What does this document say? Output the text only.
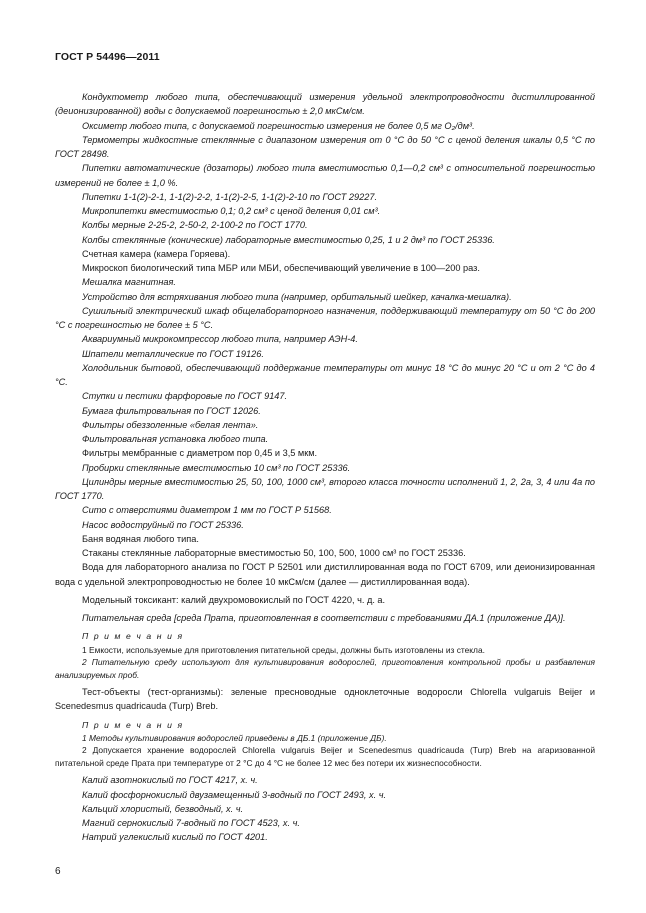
ГОСТ Р 54496—2011

Кондуктометр любого типа, обеспечивающий измерения удельной электропроводности дистиллированной (деионизированной) воды с допускаемой погрешностью ± 2,0 мкСм/см.

Оксиметр любого типа, с допускаемой погрешностью измерения не более 0,5 мг O₂/дм³.

Термометры жидкостные стеклянные с диапазоном измерения от 0 °С до 50 °С с ценой деления шкалы 0,5 °С по ГОСТ 28498.

Пипетки автоматические (дозаторы) любого типа вместимостью 0,1—0,2 см³ с относительной погрешностью измерений не более ± 1,0 %.

Пипетки 1-1(2)-2-1, 1-1(2)-2-2, 1-1(2)-2-5, 1-1(2)-2-10 по ГОСТ 29227.

Микропипетки вместимостью 0,1; 0,2 см³ с ценой деления 0,01 см³.

Колбы мерные 2-25-2, 2-50-2, 2-100-2 по ГОСТ 1770.

Колбы стеклянные (конические) лабораторные вместимостью 0,25, 1 и 2 дм³ по ГОСТ 25336.

Счетная камера (камера Горяева).

Микроскоп биологический типа МБР или МБИ, обеспечивающий увеличение в 100—200 раз.

Мешалка магнитная.

Устройство для встряхивания любого типа (например, орбитальный шейкер, качалка-мешалка).

Сушильный электрический шкаф общелабораторного назначения, поддерживающий температуру от 50 °С до 200 °С с погрешностью не более ± 5 °С.

Аквариумный микрокомпрессор любого типа, например АЭН-4.

Шпатели металлические по ГОСТ 19126.

Холодильник бытовой, обеспечивающий поддержание температуры от минус 18 °С до минус 20 °С и от 2 °С до 4 °С.

Ступки и пестики фарфоровые по ГОСТ 9147.

Бумага фильтровальная по ГОСТ 12026.

Фильтры обеззоленные «белая лента».

Фильтровальная установка любого типа.

Фильтры мембранные с диаметром пор 0,45 и 3,5 мкм.

Пробирки стеклянные вместимостью 10 см³ по ГОСТ 25336.

Цилиндры мерные вместимостью 25, 50, 100, 1000 см³, второго класса точности исполнений 1, 2, 2а, 3, 4 или 4а по ГОСТ 1770.

Сито с отверстиями диаметром 1 мм по ГОСТ Р 51568.

Насос водоструйный по ГОСТ 25336.

Баня водяная любого типа.

Стаканы стеклянные лабораторные вместимостью 50, 100, 500, 1000 см³ по ГОСТ 25336.

Вода для лабораторного анализа по ГОСТ Р 52501 или дистиллированная вода по ГОСТ 6709, или деионизированная вода с удельной электропроводностью не более 10 мкСм/см (далее — дистиллированная вода).

Модельный токсикант: калий двухромовокислый по ГОСТ 4220, ч. д. а.

Питательная среда [среда Прата, приготовленная в соответствии с требованиями ДА.1 (приложение ДА)].

П р и м е ч а н и я

1 Емкости, используемые для приготовления питательной среды, должны быть изготовлены из стекла.

2 Питательную среду используют для культивирования водорослей, приготовления контрольной пробы и разбавления анализируемых проб.

Тест-объекты (тест-организмы): зеленые пресноводные одноклеточные водоросли Chlorella vulgaruis Beijer и Scenedesmus quadricauda (Turp) Breb.

П р и м е ч а н и я

1 Методы культивирования водорослей приведены в ДБ.1 (приложение ДБ).

2 Допускается хранение водорослей Chlorella vulgaruis Beijer и Scenedesmus quadricauda (Turp) Breb на агаризованной питательной среде Прата при температуре от 2 °С до 4 °С не более 12 мес без потери их жизнеспособности.

Калий азотнокислый по ГОСТ 4217, х. ч.

Калий фосфорнокислый двузамещенный 3-водный по ГОСТ 2493, х. ч.

Кальций хлористый, безводный, х. ч.

Магний сернокислый 7-водный по ГОСТ 4523, х. ч.

Натрий углекислый кислый по ГОСТ 4201.

6
